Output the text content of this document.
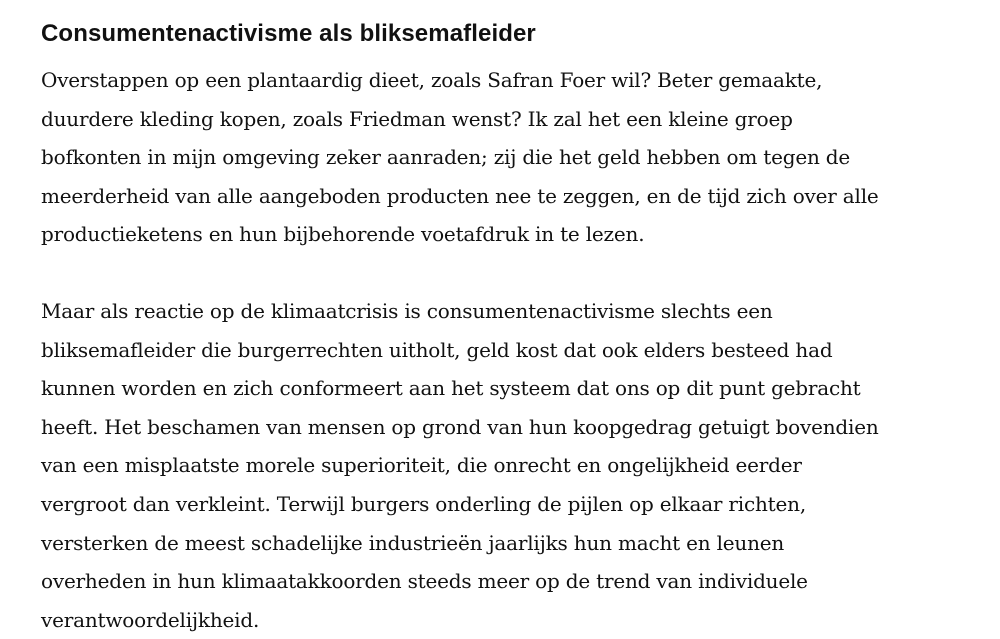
Consumentenactivisme als bliksemafleider

Overstappen op een plantaardig dieet, zoals Safran Foer wil? Beter gemaakte,
duurdere kleding kopen, zoals Friedman wenst? Ik zal het een kleine groep
bofkonten in mijn omgeving zeker aanraden; zij die het geld hebben om tegen de
meerderheid van alle aangeboden producten nee te zeggen, en de tijd zich over alle
productieketens en hun bijbehorende voetafdruk in te lezen.

Maar als reactie op de klimaatcrisis is consumentenactivisme slechts een
bliksemafleider die burgerrechten uitholt, geld kost dat ook elders besteed had
kunnen worden en zich conformeert aan het systeem dat ons op dit punt gebracht
heeft. Het beschamen van mensen op grond van hun koopgedrag getuigt bovendien
van een misplaatste morele superioriteit, die onrecht en ongelijkheid eerder
vergroot dan verkleint. Terwijl burgers onderling de pijlen op elkaar richten,
versterken de meest schadelijke industrieën jaarlijks hun macht en leunen
overheden in hun klimaatakkoorden steeds meer op de trend van individuele
verantwoordelijkheid.
